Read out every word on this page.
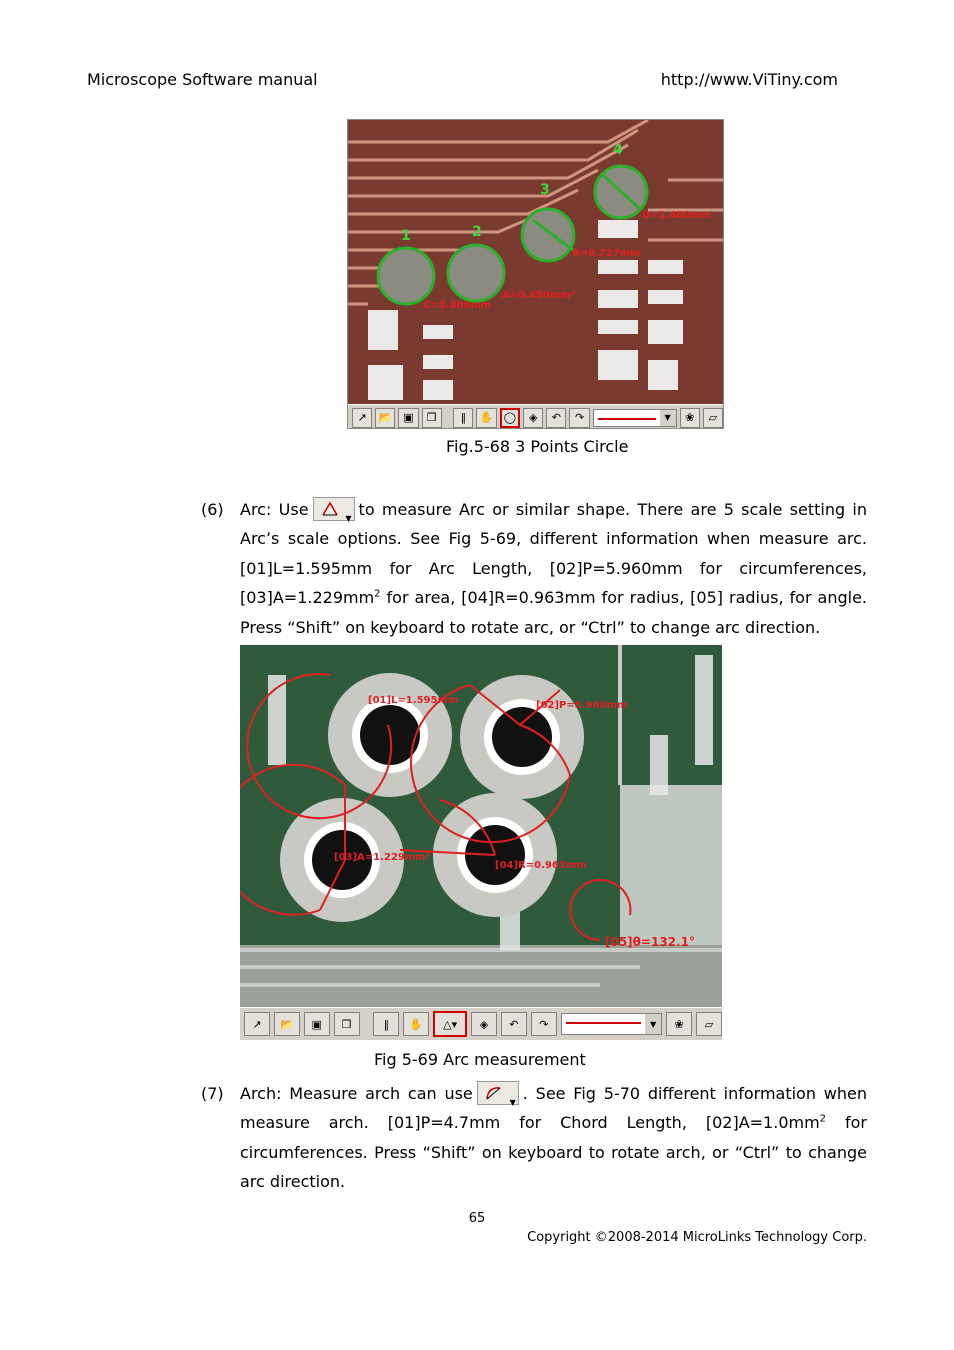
Microscope Software manual	http://www.ViTiny.com
1	2
3
4
C=3.409mm
A=0.450mm²
R=0.727mm
D=1.480mm
↗	📂	▣	❐	‖	✋ ◯	◈	↶	↷	▼	❀	▱
Fig.5-68 3 Points Circle
(6) Arc: Use	▼ to measure Arc or similar shape. There are 5 scale setting in
Arc’s scale options. See Fig 5-69, different information when measure arc.
[01]L=1.595mm for Arc Length, [02]P=5.960mm for circumferences,
$[03]A=1.229mm^2$ for area, [04]R=0.963mm for radius, [05] radius, for angle.
Press “Shift” on keyboard to rotate arc, or “Ctrl” to change arc direction.
[01]L=1.595mm	[02]P=5.960mm
[03]A=1.229mm²
[04]R=0.963mm
[05]θ=132.1°
↗	📂	▣	❐	‖	✋	△▾	◈	↶	↷	▼	❀	▱
Fig 5-69 Arc measurement
(7) Arch: Measure arch can use	▼ . See Fig 5-70 different information when
measure arch. [01]P=4.7mm for Chord Length, $[02]A=1.0mm^2$ for
circumferences. Press “Shift” on keyboard to rotate arch, or “Ctrl” to change
arc direction.
65
Copyright ©2008-2014 MicroLinks Technology Corp.
